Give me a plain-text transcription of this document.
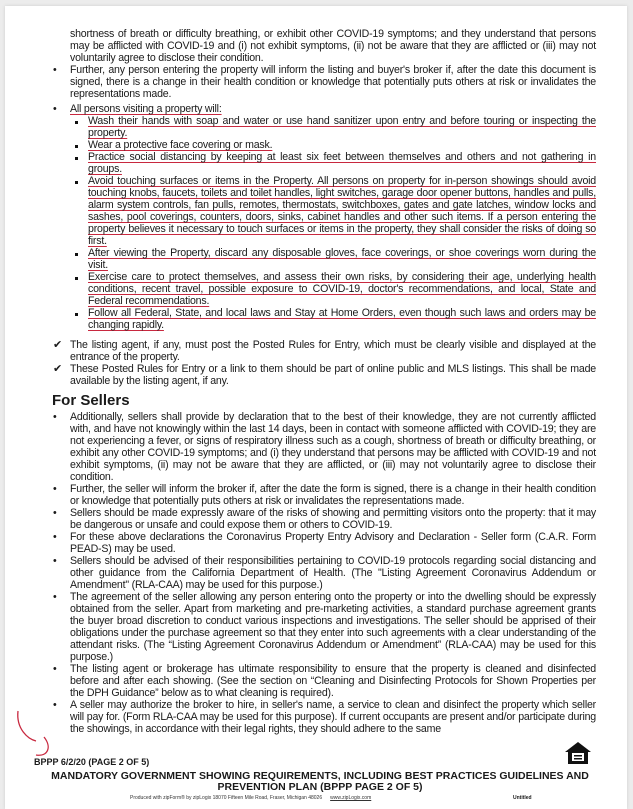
shortness of breath or difficulty breathing, or exhibit other COVID-19 symptoms; and they understand that persons may be afflicted with COVID-19 and (i) not exhibit symptoms, (ii) not be aware that they are afflicted or (iii) may not voluntarily agree to disclose their condition.

• Further, any person entering the property will inform the listing and buyer's broker if, after the date this document is signed, there is a change in their health condition or knowledge that potentially puts others at risk or invalidates the representations made.

• All persons visiting a property will:

Wash their hands with soap and water or use hand sanitizer upon entry and before touring or inspecting the property.

Wear a protective face covering or mask.

Practice social distancing by keeping at least six feet between themselves and others and not gathering in groups.

Avoid touching surfaces or items in the Property. All persons on property for in-person showings should avoid touching knobs, faucets, toilets and toilet handles, light switches, garage door opener buttons, handles and pulls, alarm system controls, fan pulls, remotes, thermostats, switchboxes, gates and gate latches, window locks and sashes, pool coverings, counters, doors, sinks, cabinet handles and other such items. If a person entering the property believes it necessary to touch surfaces or items in the property, they shall consider the risks of doing so first.

After viewing the Property, discard any disposable gloves, face coverings, or shoe coverings worn during the visit.

Exercise care to protect themselves, and assess their own risks, by considering their age, underlying health conditions, recent travel, possible exposure to COVID-19, doctor's recommendations, and local, State and Federal recommendations.

Follow all Federal, State, and local laws and Stay at Home Orders, even though such laws and orders may be changing rapidly.

✔ The listing agent, if any, must post the Posted Rules for Entry, which must be clearly visible and displayed at the entrance of the property.

✔ These Posted Rules for Entry or a link to them should be part of online public and MLS listings. This shall be made available by the listing agent, if any.

For Sellers

• Additionally, sellers shall provide by declaration that to the best of their knowledge, they are not currently afflicted with, and have not knowingly within the last 14 days, been in contact with someone afflicted with COVID-19; they are not experiencing a fever, or signs of respiratory illness such as a cough, shortness of breath or difficulty breathing, or exhibit any other COVID-19 symptoms; and (i) they understand that persons may be afflicted with COVID-19 and not exhibit symptoms, (ii) may not be aware that they are afflicted, or (iii) may not voluntarily agree to disclose their condition.

• Further, the seller will inform the broker if, after the date the form is signed, there is a change in their health condition or knowledge that potentially puts others at risk or invalidates the representations made.

• Sellers should be made expressly aware of the risks of showing and permitting visitors onto the property: that it may be dangerous or unsafe and could expose them or others to COVID-19.

• For these above declarations the Coronavirus Property Entry Advisory and Declaration - Seller form (C.A.R. Form PEAD-S) may be used.

• Sellers should be advised of their responsibilities pertaining to COVID-19 protocols regarding social distancing and other guidance from the California Department of Health. (The "Listing Agreement Coronavirus Addendum or Amendment" (RLA-CAA) may be used for this purpose.)

• The agreement of the seller allowing any person entering onto the property or into the dwelling should be expressly obtained from the seller. Apart from marketing and pre-marketing activities, a standard purchase agreement grants the buyer broad discretion to conduct various inspections and investigations. The seller should be apprised of their obligations under the purchase agreement so that they enter into such agreements with a clear understanding of the attendant risks. (The “Listing Agreement Coronavirus Addendum or Amendment” (RLA-CAA) may be used for this purpose.)

• The listing agent or brokerage has ultimate responsibility to ensure that the property is cleaned and disinfected before and after each showing. (See the section on “Cleaning and Disinfecting Protocols for Shown Properties per the DPH Guidance” below as to what cleaning is required).

• A seller may authorize the broker to hire, in seller's name, a service to clean and disinfect the property which seller will pay for. (Form RLA-CAA may be used for this purpose). If current occupants are present and/or participate during the showings, in accordance with their legal rights, they should adhere to the same

BPPP 6/2/20 (PAGE 2 OF 5)
MANDATORY GOVERNMENT SHOWING REQUIREMENTS, INCLUDING BEST PRACTICES GUIDELINES AND PREVENTION PLAN (BPPP PAGE 2 OF 5)
Produced with zipForm® by zipLogix 18070 Fifteen Mile Road, Fraser, Michigan 48026 www.zipLogix.com	Untitled
